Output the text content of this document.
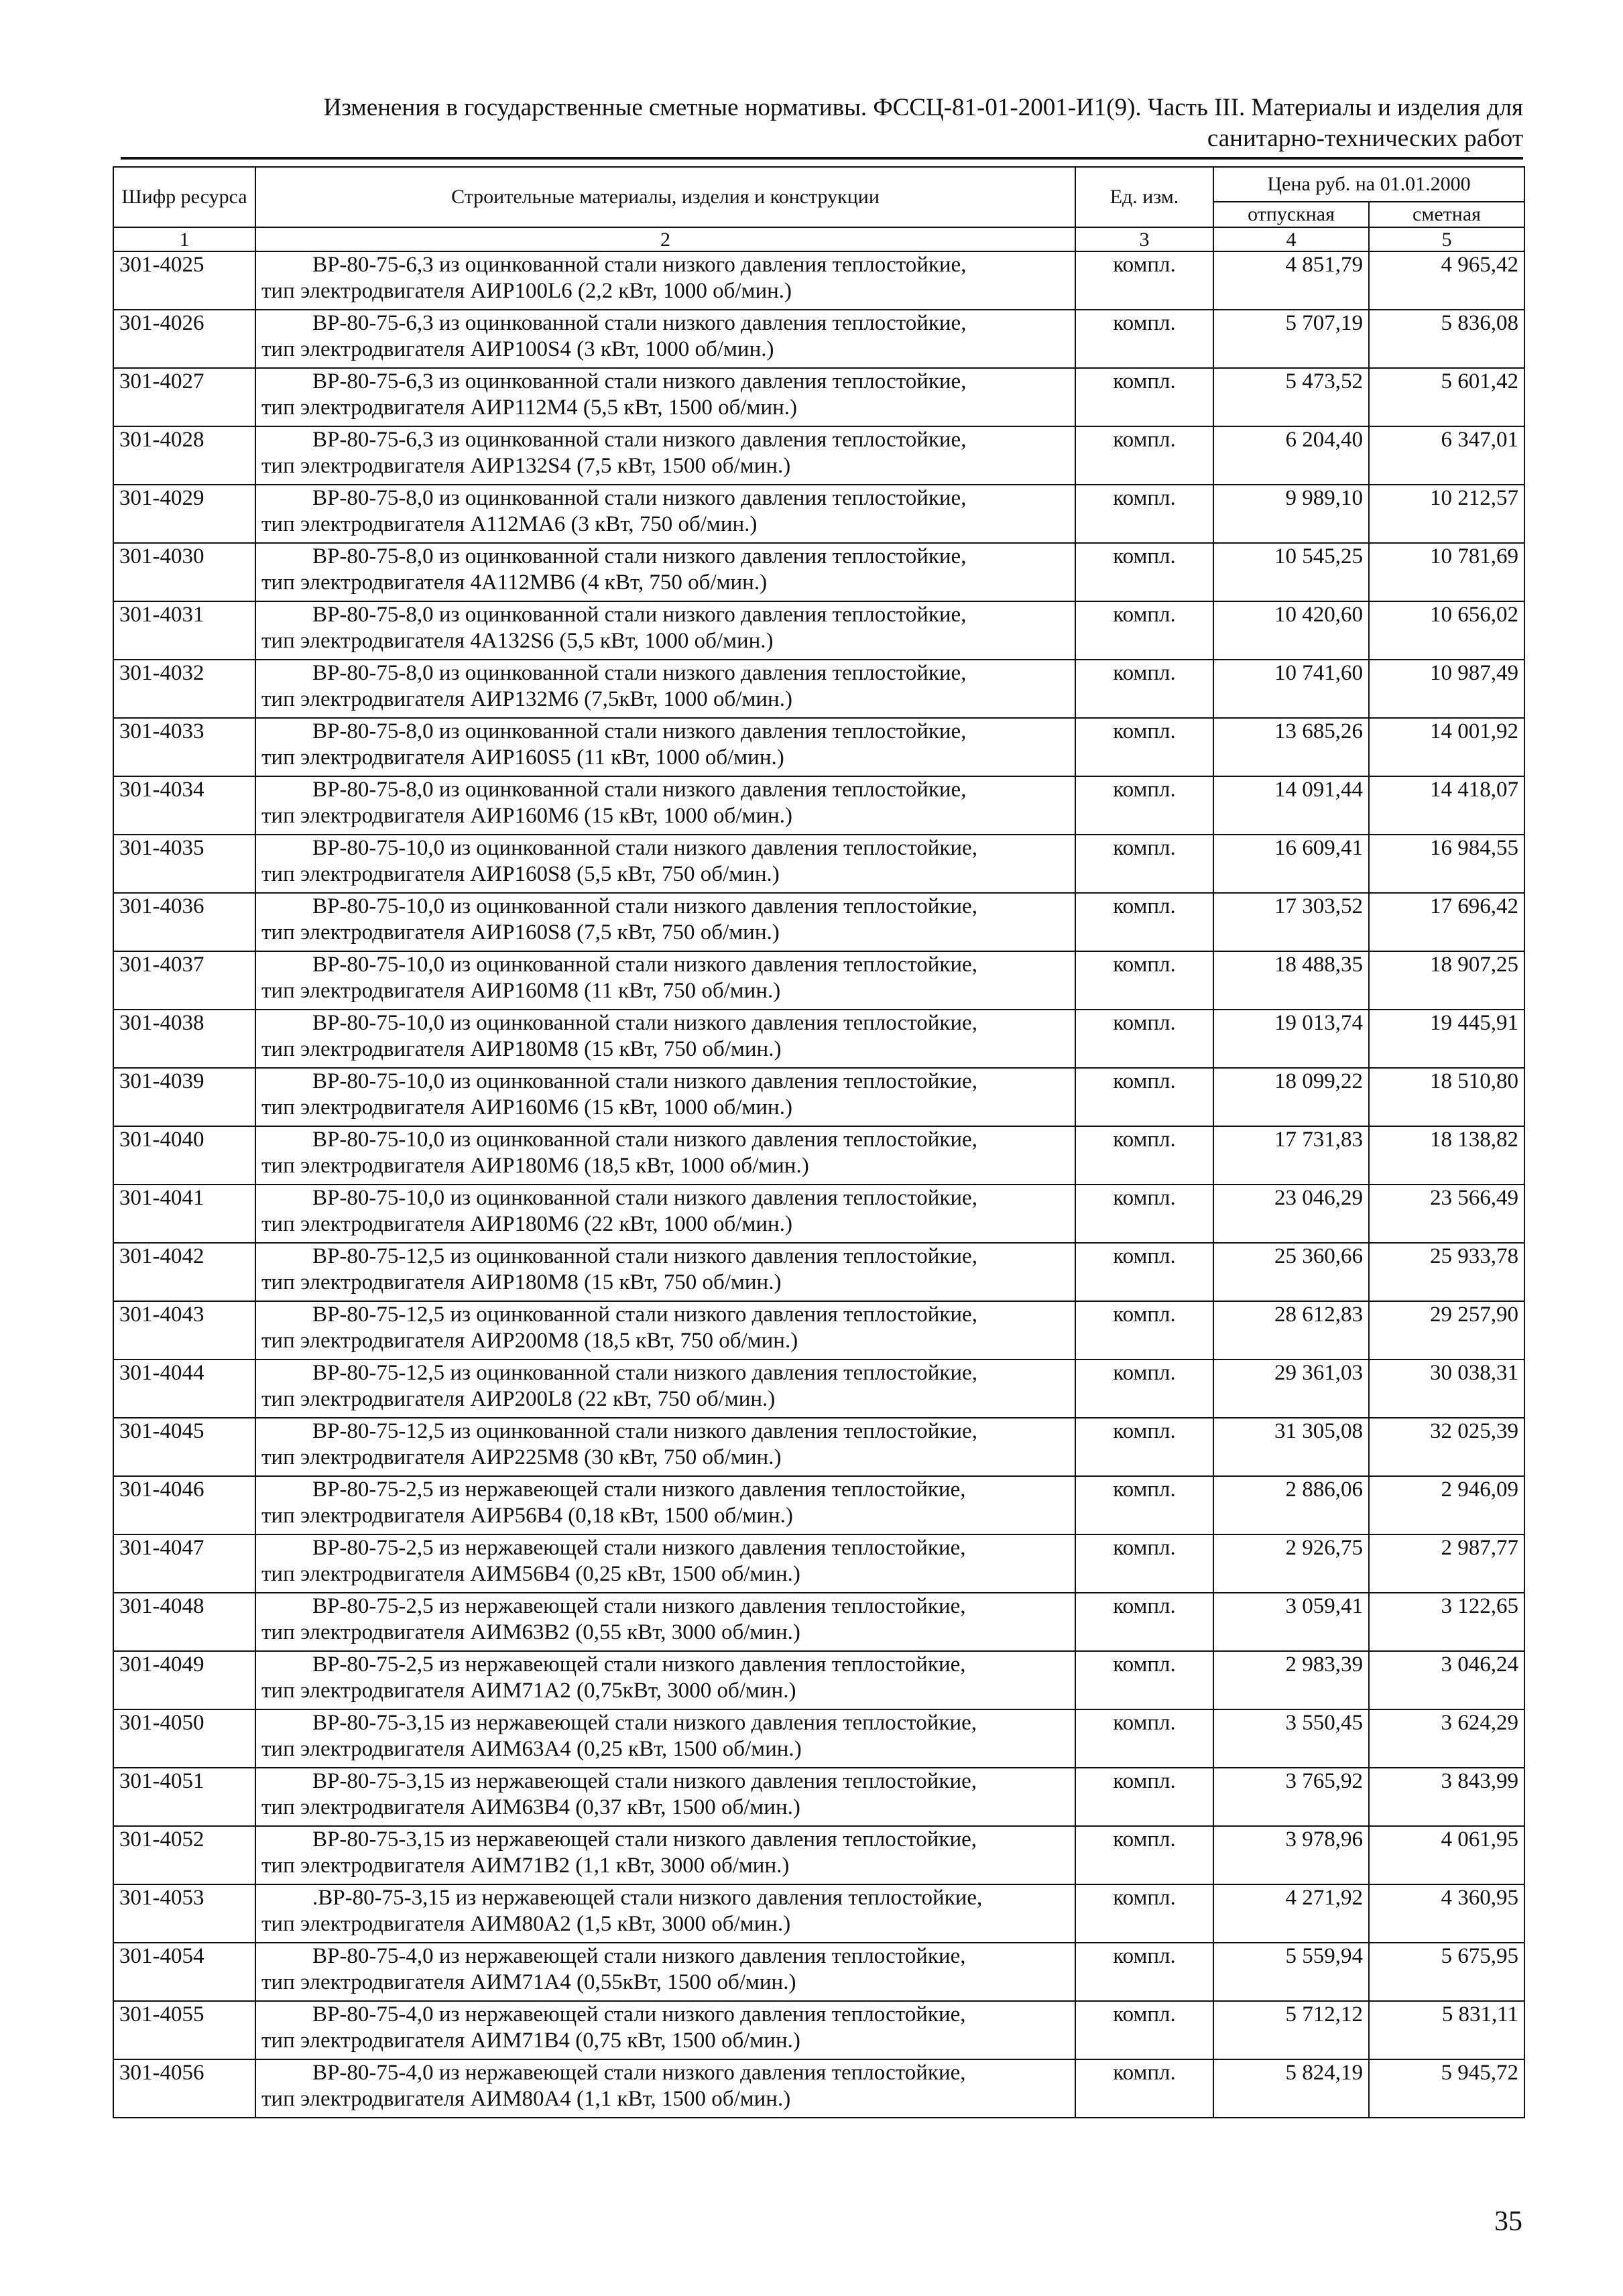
Изменения в государственные сметные нормативы. ФССЦ-81-01-2001-И1(9). Часть III. Материалы и изделия для
санитарно-технических работ
Шифр ресурса	Строительные материалы, изделия и конструкции	Ед. изм.	Цена руб. на 01.01.2000	
			отпускная	сметная
1	2	3	4	5
301-4025	ВР-80-75-6,3 из оцинкованной стали низкого давления теплостойкие,
тип электродвигателя АИР100L6 (2,2 кВт, 1000 об/мин.)	компл.	4 851,79	4 965,42
301-4026	ВР-80-75-6,3 из оцинкованной стали низкого давления теплостойкие,
тип электродвигателя АИР100S4 (3 кВт, 1000 об/мин.)	компл.	5 707,19	5 836,08
301-4027	ВР-80-75-6,3 из оцинкованной стали низкого давления теплостойкие,
тип электродвигателя АИР112М4 (5,5 кВт, 1500 об/мин.)	компл.	5 473,52	5 601,42
301-4028	ВР-80-75-6,3 из оцинкованной стали низкого давления теплостойкие,
тип электродвигателя АИР132S4 (7,5 кВт, 1500 об/мин.)	компл.	6 204,40	6 347,01
301-4029	ВР-80-75-8,0 из оцинкованной стали низкого давления теплостойкие,
тип электродвигателя А112МА6 (3 кВт, 750 об/мин.)	компл.	9 989,10	10 212,57
301-4030	ВР-80-75-8,0 из оцинкованной стали низкого давления теплостойкие,
тип электродвигателя 4А112МВ6 (4 кВт, 750 об/мин.)	компл.	10 545,25	10 781,69
301-4031	ВР-80-75-8,0 из оцинкованной стали низкого давления теплостойкие,
тип электродвигателя 4А132S6 (5,5 кВт, 1000 об/мин.)	компл.	10 420,60	10 656,02
301-4032	ВР-80-75-8,0 из оцинкованной стали низкого давления теплостойкие,
тип электродвигателя АИР132М6 (7,5кВт, 1000 об/мин.)	компл.	10 741,60	10 987,49
301-4033	ВР-80-75-8,0 из оцинкованной стали низкого давления теплостойкие,
тип электродвигателя АИР160S5 (11 кВт, 1000 об/мин.)	компл.	13 685,26	14 001,92
301-4034	ВР-80-75-8,0 из оцинкованной стали низкого давления теплостойкие,
тип электродвигателя АИР160М6 (15 кВт, 1000 об/мин.)	компл.	14 091,44	14 418,07
301-4035	ВР-80-75-10,0 из оцинкованной стали низкого давления теплостойкие,
тип электродвигателя АИР160S8 (5,5 кВт, 750 об/мин.)	компл.	16 609,41	16 984,55
301-4036	ВР-80-75-10,0 из оцинкованной стали низкого давления теплостойкие,
тип электродвигателя АИР160S8 (7,5 кВт, 750 об/мин.)	компл.	17 303,52	17 696,42
301-4037	ВР-80-75-10,0 из оцинкованной стали низкого давления теплостойкие,
тип электродвигателя АИР160М8 (11 кВт, 750 об/мин.)	компл.	18 488,35	18 907,25
301-4038	ВР-80-75-10,0 из оцинкованной стали низкого давления теплостойкие,
тип электродвигателя АИР180М8 (15 кВт, 750 об/мин.)	компл.	19 013,74	19 445,91
301-4039	ВР-80-75-10,0 из оцинкованной стали низкого давления теплостойкие,
тип электродвигателя АИР160М6 (15 кВт, 1000 об/мин.)	компл.	18 099,22	18 510,80
301-4040	ВР-80-75-10,0 из оцинкованной стали низкого давления теплостойкие,
тип электродвигателя АИР180М6 (18,5 кВт, 1000 об/мин.)	компл.	17 731,83	18 138,82
301-4041	ВР-80-75-10,0 из оцинкованной стали низкого давления теплостойкие,
тип электродвигателя АИР180М6 (22 кВт, 1000 об/мин.)	компл.	23 046,29	23 566,49
301-4042	ВР-80-75-12,5 из оцинкованной стали низкого давления теплостойкие,
тип электродвигателя АИР180М8 (15 кВт, 750 об/мин.)	компл.	25 360,66	25 933,78
301-4043	ВР-80-75-12,5 из оцинкованной стали низкого давления теплостойкие,
тип электродвигателя АИР200М8 (18,5 кВт, 750 об/мин.)	компл.	28 612,83	29 257,90
301-4044	ВР-80-75-12,5 из оцинкованной стали низкого давления теплостойкие,
тип электродвигателя АИР200L8 (22 кВт, 750 об/мин.)	компл.	29 361,03	30 038,31
301-4045	ВР-80-75-12,5 из оцинкованной стали низкого давления теплостойкие,
тип электродвигателя АИР225М8 (30 кВт, 750 об/мин.)	компл.	31 305,08	32 025,39
301-4046	ВР-80-75-2,5 из нержавеющей стали низкого давления теплостойкие,
тип электродвигателя АИР56В4 (0,18 кВт, 1500 об/мин.)	компл.	2 886,06	2 946,09
301-4047	ВР-80-75-2,5 из нержавеющей стали низкого давления теплостойкие,
тип электродвигателя АИМ56В4 (0,25 кВт, 1500 об/мин.)	компл.	2 926,75	2 987,77
301-4048	ВР-80-75-2,5 из нержавеющей стали низкого давления теплостойкие,
тип электродвигателя АИМ63В2 (0,55 кВт, 3000 об/мин.)	компл.	3 059,41	3 122,65
301-4049	ВР-80-75-2,5 из нержавеющей стали низкого давления теплостойкие,
тип электродвигателя АИМ71А2 (0,75кВт, 3000 об/мин.)	компл.	2 983,39	3 046,24
301-4050	ВР-80-75-3,15 из нержавеющей стали низкого давления теплостойкие,
тип электродвигателя АИМ63А4 (0,25 кВт, 1500 об/мин.)	компл.	3 550,45	3 624,29
301-4051	ВР-80-75-3,15 из нержавеющей стали низкого давления теплостойкие,
тип электродвигателя АИМ63В4 (0,37 кВт, 1500 об/мин.)	компл.	3 765,92	3 843,99
301-4052	ВР-80-75-3,15 из нержавеющей стали низкого давления теплостойкие,
тип электродвигателя АИМ71В2 (1,1 кВт, 3000 об/мин.)	компл.	3 978,96	4 061,95
301-4053	.ВР-80-75-3,15 из нержавеющей стали низкого давления теплостойкие,
тип электродвигателя АИМ80А2 (1,5 кВт, 3000 об/мин.)	компл.	4 271,92	4 360,95
301-4054	ВР-80-75-4,0 из нержавеющей стали низкого давления теплостойкие,
тип электродвигателя АИМ71А4 (0,55кВт, 1500 об/мин.)	компл.	5 559,94	5 675,95
301-4055	ВР-80-75-4,0 из нержавеющей стали низкого давления теплостойкие,
тип электродвигателя АИМ71В4 (0,75 кВт, 1500 об/мин.)	компл.	5 712,12	5 831,11
301-4056	ВР-80-75-4,0 из нержавеющей стали низкого давления теплостойкие,
тип электродвигателя АИМ80А4 (1,1 кВт, 1500 об/мин.)	компл.	5 824,19	5 945,72
35
